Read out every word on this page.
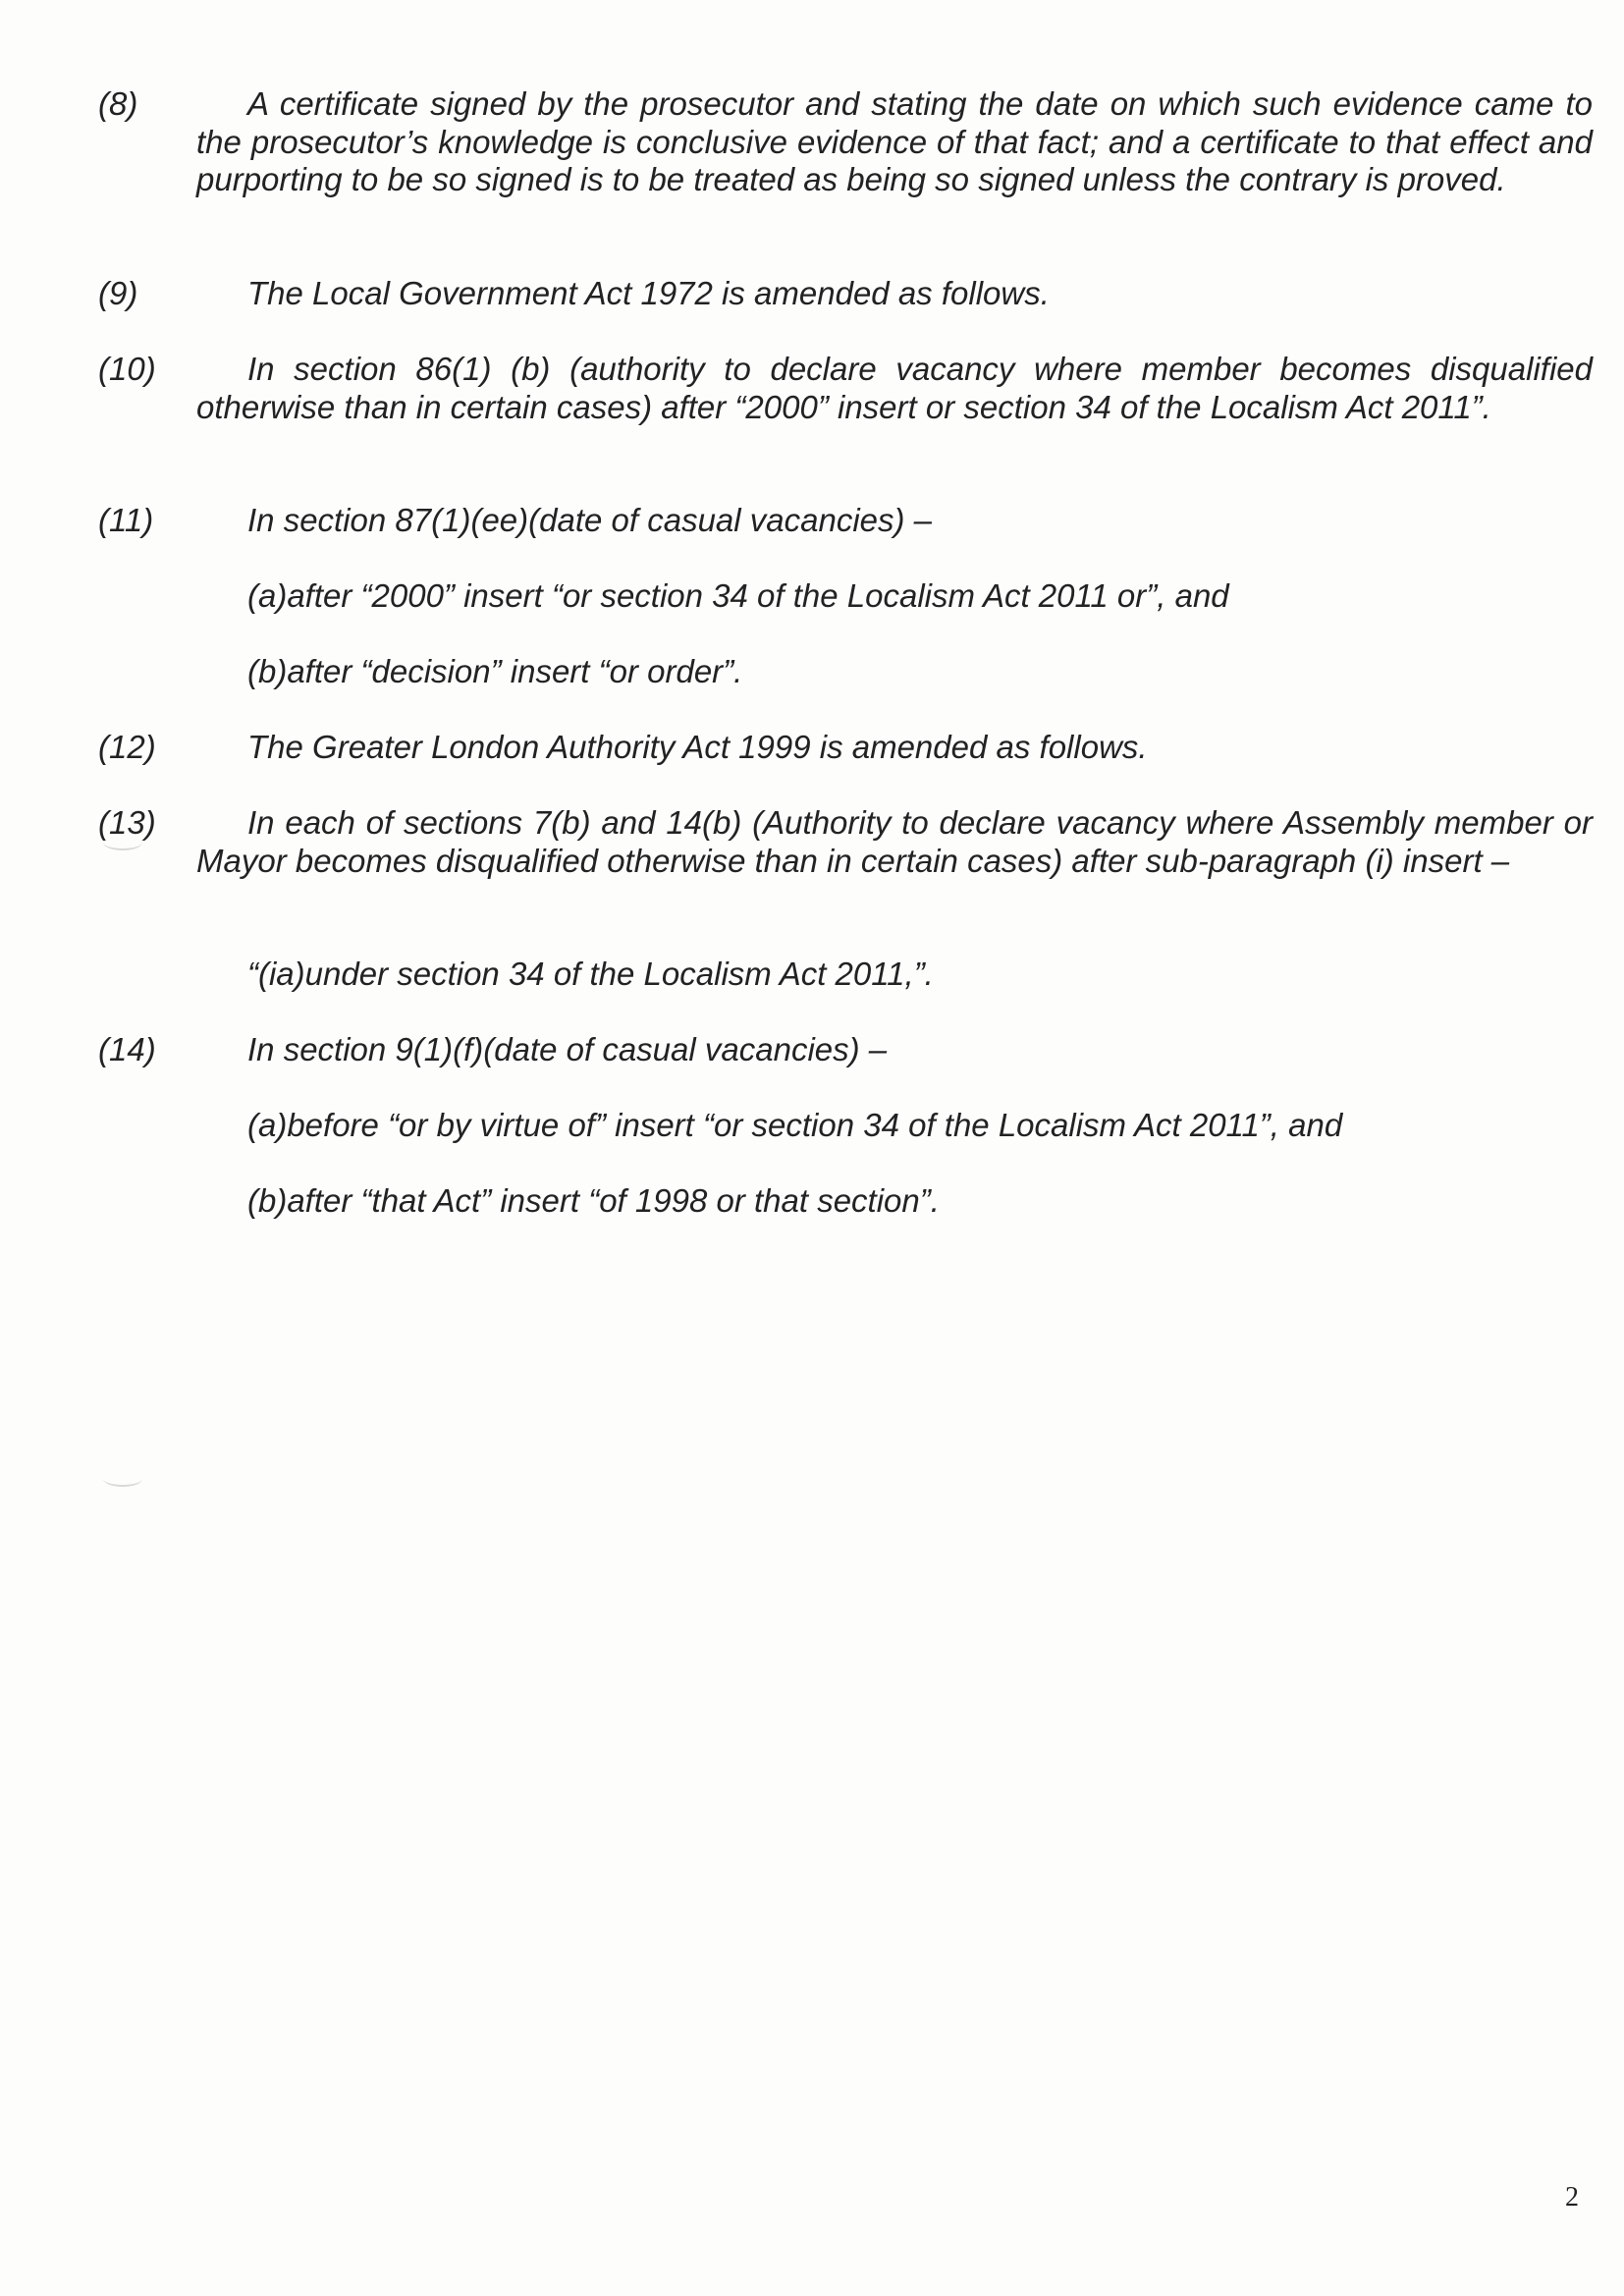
(8)	A certificate signed by the prosecutor and stating the date on which such evidence came to the prosecutor’s knowledge is conclusive evidence of that fact; and a certificate to that effect and purporting to be so signed is to be treated as being so signed unless the contrary is proved.

(9)	The Local Government Act 1972 is amended as follows.

(10)	In section 86(1) (b) (authority to declare vacancy where member becomes disqualified otherwise than in certain cases) after “2000” insert or section 34 of the Localism Act 2011”.

(11)	In section 87(1)(ee)(date of casual vacancies) –

(a)after “2000” insert “or section 34 of the Localism Act 2011 or”, and

(b)after “decision” insert “or order”.

(12)	The Greater London Authority Act 1999 is amended as follows.

(13)	In each of sections 7(b) and 14(b) (Authority to declare vacancy where Assembly member or Mayor becomes disqualified otherwise than in certain cases) after sub-paragraph (i) insert –

“(ia)under section 34 of the Localism Act 2011,”.

(14)	In section 9(1)(f)(date of casual vacancies) –

(a)before “or by virtue of” insert “or section 34 of the Localism Act 2011”, and

(b)after “that Act” insert “of 1998 or that section”.

2
